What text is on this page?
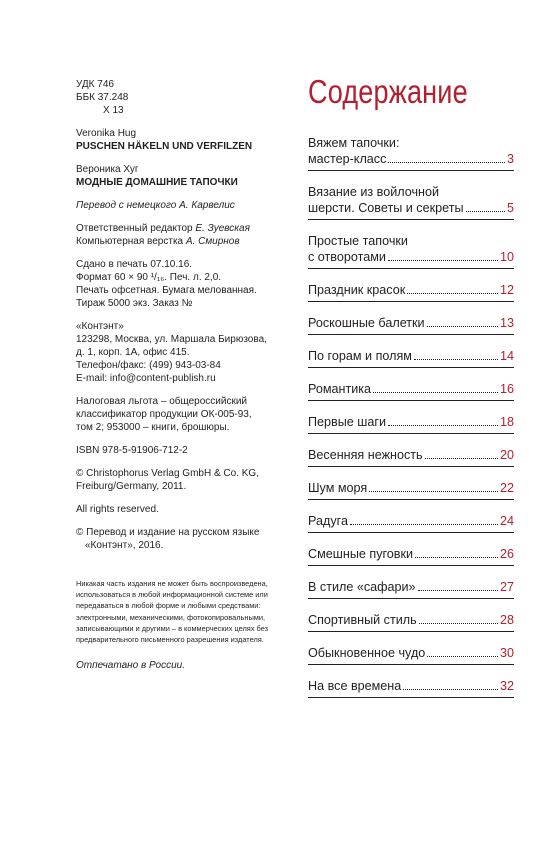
УДК 746

ББК 37.248

Х 13

Veronika Hug

PUSCHEN HÄKELN UND VERFILZEN

Вероника Хуг

МОДНЫЕ ДОМАШНИЕ ТАПОЧКИ

Перевод с немецкого А. Карвелис

Ответственный редактор Е. Зуевская

Компьютерная верстка А. Смирнов

Сдано в печать 07.10.16.

Формат 60 × 90 ¹/₁₆. Печ. л. 2,0.

Печать офсетная. Бумага мелованная.

Тираж 5000 экз. Заказ №

«Контэнт»

123298, Москва, ул. Маршала Бирюзова,

д. 1, корп. 1А, офис 415.

Телефон/факс: (499) 943-03-84

E-mail: info@content-publish.ru

Налоговая льгота – общероссийский

классификатор продукции ОК-005-93,

том 2; 953000 – книги, брошюры.

ISBN 978-5-91906-712-2

© Christophorus Verlag GmbH & Co. KG,

Freiburg/Germany, 2011.

All rights reserved.

© Перевод и издание на русском языке

«Контэнт», 2016.

Никакая часть издания не может быть воспроизведена,

использоваться в любой информационной системе или

передаваться в любой форме и любыми средствами:

электронными, механическими, фотокопировальными,

записывающими и другими – в коммерческих целях без

предварительного письменного разрешения издателя.

Отпечатано в России.

Содержание
Вяжем тапочки:
мастер-класс	3
Вязание из войлочной
шерсти. Советы и секреты	5
Простые тапочки
с отворотами	10
Праздник красок	12
Роскошные балетки	13
По горам и полям	14
Романтика	16
Первые шаги	18
Весенняя нежность	20
Шум моря	22
Радуга	24
Смешные пуговки	26
В стиле «сафари»	27
Спортивный стиль	28
Обыкновенное чудо	30
На все времена	32
